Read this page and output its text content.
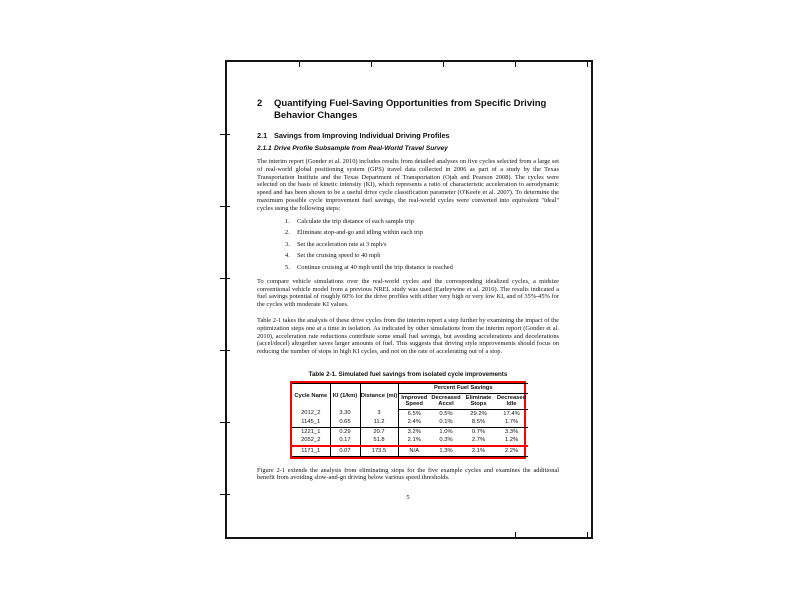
2 Quantifying Fuel-Saving Opportunities from Specific Driving Behavior Changes
2.1 Savings from Improving Individual Driving Profiles
2.1.1 Drive Profile Subsample from Real-World Travel Survey
The interim report (Gonder et al. 2010) includes results from detailed analyses on five cycles selected from a large set of real-world global positioning system (GPS) travel data collected in 2006 as part of a study by the Texas Transportation Institute and the Texas Department of Transportation (Ojah and Pearson 2008). The cycles were selected on the basis of kinetic intensity (KI), which represents a ratio of characteristic acceleration to aerodynamic speed and has been shown to be a useful drive cycle classification parameter (O'Keefe et al. 2007). To determine the maximum possible cycle improvement fuel savings, the real-world cycles were converted into equivalent "ideal" cycles using the following steps:
1. Calculate the trip distance of each sample trip
2. Eliminate stop-and-go and idling within each trip
3. Set the acceleration rate at 3 mph/s
4. Set the cruising speed to 40 mph
5. Continue cruising at 40 mph until the trip distance is reached
To compare vehicle simulations over the real-world cycles and the corresponding idealized cycles, a midsize conventional vehicle model from a previous NREL study was used (Earleywine et al. 2010). The results indicated a fuel savings potential of roughly 60% for the drive profiles with either very high or very low KI, and of 35%-45% for the cycles with moderate KI values.
Table 2-1 takes the analysis of these drive cycles from the interim report a step further by examining the impact of the optimization steps one at a time in isolation. As indicated by other simulations from the interim report (Gonder et al. 2010), acceleration rate reductions contribute some small fuel savings, but avoiding accelerations and decelerations (accel/decel) altogether saves larger amounts of fuel. This suggests that driving style improvements should focus on reducing the number of stops in high KI cycles, and not on the rate of accelerating out of a stop.
Table 2-1. Simulated fuel savings from isolated cycle improvements
Cycle Name	KI (1/km)	Distance (mi)	Percent Fuel Savings			
			Improved Speed	Decreased Accel	Eliminate Stops	Decreased Idle
2012_2	3.30	3	6.5%	0.5%	29.2%	17.4%
1145_1	0.65	11.2	2.4%	0.1%	8.5%	1.7%
1221_1	0.29	20.7	3.2%	1.0%	0.7%	3.3%
2052_2	0.17	51.8	2.1%	0.3%	2.7%	1.2%
1171_1	0.07	173.5	N/A	1.3%	2.1%	2.2%
Figure 2-1 extends the analysis from eliminating stops for the five example cycles and examines the additional benefit from avoiding slow-and-go driving below various speed thresholds.
5
